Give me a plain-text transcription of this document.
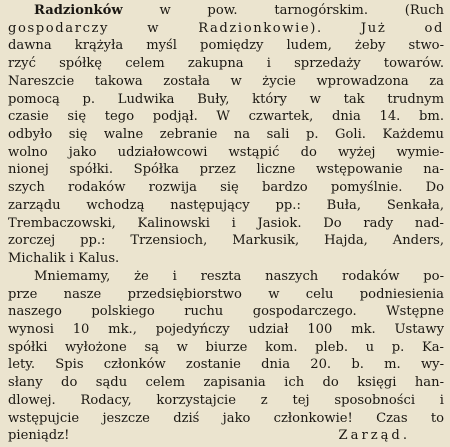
Radzionków w pow. tarnogórskim. (Ruch
gospodarczy w Radzionkowie). Już od
dawna krążyła myśl pomiędzy ludem, żeby stwo-
rzyć spółkę celem zakupna i sprzedaży towarów.
Nareszcie takowa została w życie wprowadzona za
pomocą p. Ludwika Buły, który w tak trudnym
czasie się tego podjął. W czwartek, dnia 14. bm.
odbyło się walne zebranie na sali p. Goli. Każdemu
wolno jako udziałowcowi wstąpić do wyżej wymie-
nionej spółki. Spółka przez liczne wstępowanie na-
szych rodaków rozwija się bardzo pomyślnie. Do
zarządu wchodzą następujący pp.: Buła, Senkała,
Trembaczowski, Kalinowski i Jasiok. Do rady nad-
zorczej pp.: Trzensioch, Markusik, Hajda, Anders,
Michalik i Kalus.
Mniemamy, że i reszta naszych rodaków po-
prze nasze przedsiębiorstwo w celu podniesienia
naszego polskiego ruchu gospodarczego. Wstępne
wynosi 10 mk., pojedyńczy udział 100 mk. Ustawy
spółki wyłożone są w biurze kom. pleb. u p. Ka-
lety. Spis członków zostanie dnia 20. b. m. wy-
słany do sądu celem zapisania ich do księgi han-
dlowej. Rodacy, korzystajcie z tej sposobności i
wstępujcie jeszcze dziś jako członkowie! Czas to
pieniądz!	Zarząd.
